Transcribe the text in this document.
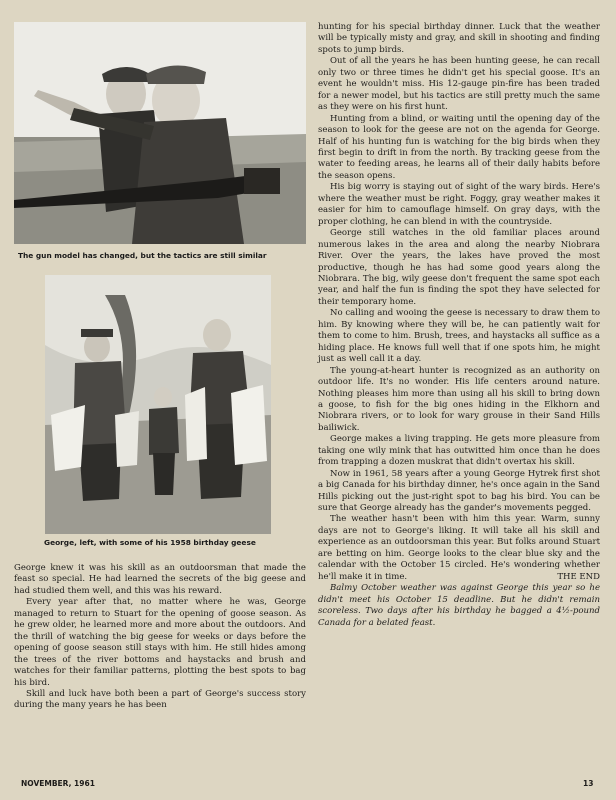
The gun model has changed, but the tactics are still similar
George, left, with some of his 1958 birthday geese

George knew it was his skill as an outdoorsman that made the feast so special. He had learned the secrets of the big geese and had studied them well, and this was his reward.

Every year after that, no matter where he was, George managed to return to Stuart for the opening of goose season. As he grew older, he learned more and more about the outdoors. And the thrill of watching the big geese for weeks or days before the opening of goose season still stays with him. He still hides among the trees of the river bottoms and haystacks and brush and watches for their familiar patterns, plotting the best spots to bag his bird.

Skill and luck have both been a part of George's success story during the many years he has been

hunting for his special birthday dinner. Luck that the weather will be typically misty and gray, and skill in shooting and finding spots to jump birds.

Out of all the years he has been hunting geese, he can recall only two or three times he didn't get his special goose. It's an event he wouldn't miss. His 12-gauge pin-fire has been traded for a newer model, but his tactics are still pretty much the same as they were on his first hunt.

Hunting from a blind, or waiting until the opening day of the season to look for the geese are not on the agenda for George. Half of his hunting fun is watching for the big birds when they first begin to drift in from the north. By tracking geese from the water to feeding areas, he learns all of their daily habits before the season opens.

His big worry is staying out of sight of the wary birds. Here's where the weather must be right. Foggy, gray weather makes it easier for him to camouflage himself. On gray days, with the proper clothing, he can blend in with the countryside.

George still watches in the old familiar places around numerous lakes in the area and along the nearby Niobrara River. Over the years, the lakes have proved the most productive, though he has had some good years along the Niobrara. The big, wily geese don't frequent the same spot each year, and half the fun is finding the spot they have selected for their temporary home.

No calling and wooing the geese is necessary to draw them to him. By knowing where they will be, he can patiently wait for them to come to him. Brush, trees, and haystacks all suffice as a hiding place. He knows full well that if one spots him, he might just as well call it a day.

The young-at-heart hunter is recognized as an authority on outdoor life. It's no wonder. His life centers around nature. Nothing pleases him more than using all his skill to bring down a goose, to fish for the big ones hiding in the Elkhorn and Niobrara rivers, or to look for wary grouse in their Sand Hills bailiwick.

George makes a living trapping. He gets more pleasure from taking one wily mink that has outwitted him once than he does from trapping a dozen muskrat that didn't overtax his skill.

Now in 1961, 58 years after a young George Hytrek first shot a big Canada for his birthday dinner, he's once again in the Sand Hills picking out the just-right spot to bag his bird. You can be sure that George already has the gander's movements pegged.

The weather hasn't been with him this year. Warm, sunny days are not to George's liking. It will take all his skill and experience as an outdoorsman this year. But folks around Stuart are betting on him. George looks to the clear blue sky and the calendar with the October 15 circled. He's wondering whether he'll make it in time.	THE END

Balmy October weather was against George this year so he didn't meet his October 15 deadline. But he didn't remain scoreless. Two days after his birthday he bagged a 4½-pound Canada for a belated feast.

NOVEMBER, 1961	13
